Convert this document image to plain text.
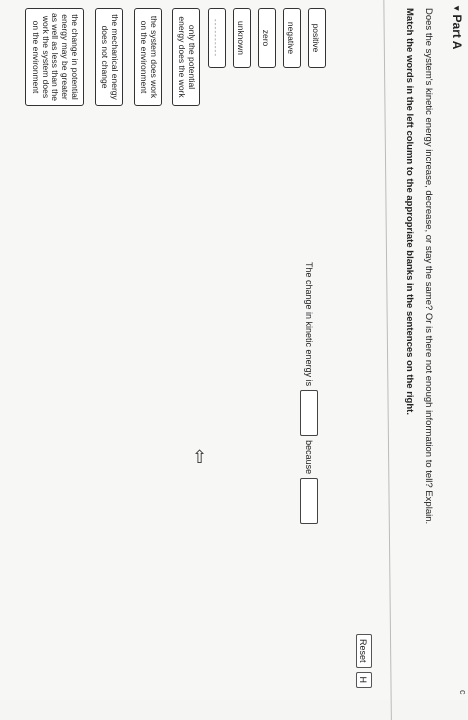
▾
Part A
c
Does the system's kinetic energy increase, decrease, or stay the same? Or is there not enough information to tell? Explain.
Match the words in the left column to the appropriate blanks in the sentences on the right.
Reset
H
positive
negative
zero
unknown
----------
only the potential energy does the work
the system does work on the environment
the mechanical energy does not change
the change in potential energy may be greater as well as less than the work the system does on the environment
The change in kinetic energy is
because
⇧
